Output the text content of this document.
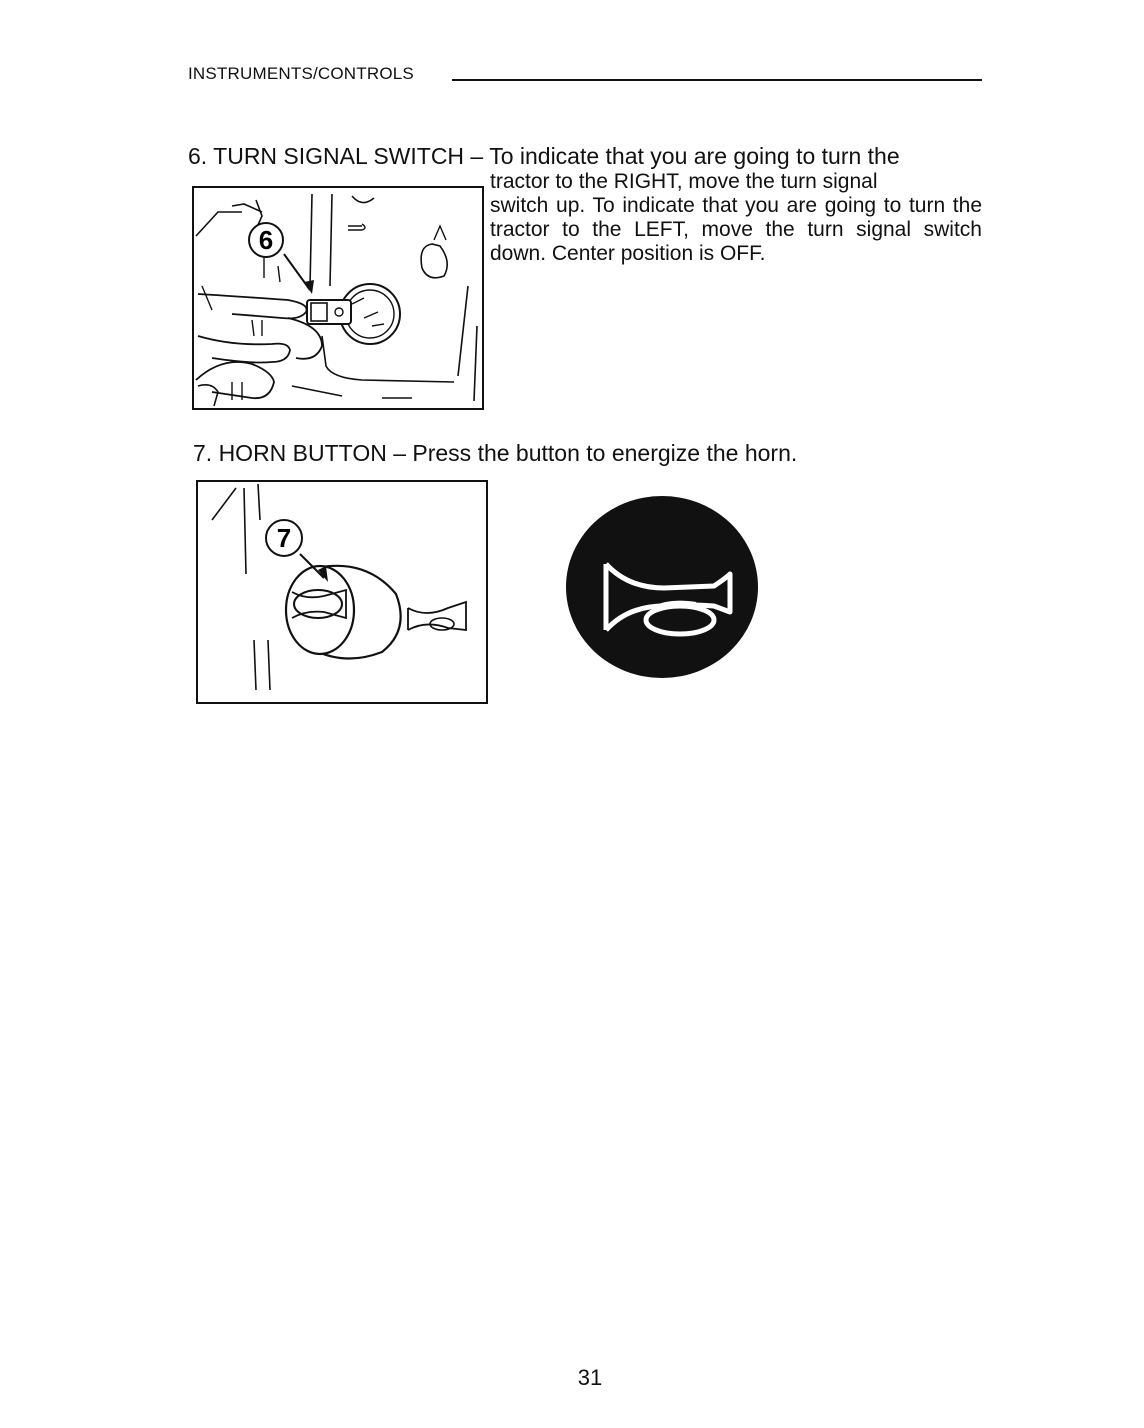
INSTRUMENTS/CONTROLS
6. TURN SIGNAL SWITCH – To indicate that you are going to turn the
6
tractor to the RIGHT, move the turn signal
switch up. To indicate that you are going to turn the tractor to the LEFT, move the turn signal switch down. Center position is OFF.
7. HORN BUTTON – Press the button to energize the horn.
7
31
